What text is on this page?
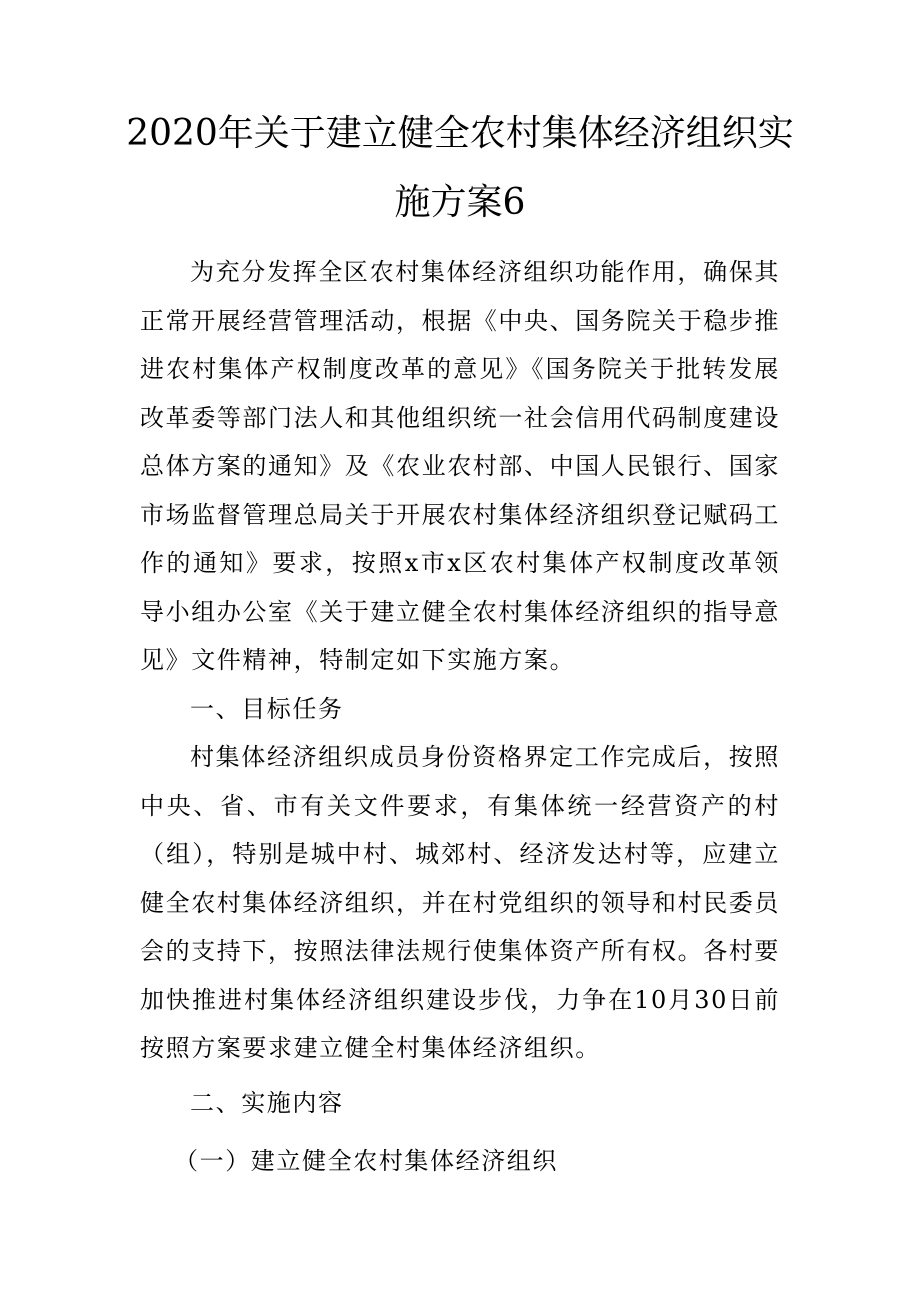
2020年关于建立健全农村集体经济组织实
施方案6

为充分发挥全区农村集体经济组织功能作用，确保其正常开展经营管理活动，根据《中央、国务院关于稳步推进农村集体产权制度改革的意见》《国务院关于批转发展改革委等部门法人和其他组织统一社会信用代码制度建设总体方案的通知》及《农业农村部、中国人民银行、国家市场监督管理总局关于开展农村集体经济组织登记赋码工作的通知》要求，按照x市x区农村集体产权制度改革领导小组办公室《关于建立健全农村集体经济组织的指导意见》文件精神，特制定如下实施方案。

一、目标任务

村集体经济组织成员身份资格界定工作完成后，按照中央、省、市有关文件要求，有集体统一经营资产的村（组），特别是城中村、城郊村、经济发达村等，应建立健全农村集体经济组织，并在村党组织的领导和村民委员会的支持下，按照法律法规行使集体资产所有权。各村要加快推进村集体经济组织建设步伐，力争在10月30日前按照方案要求建立健全村集体经济组织。

二、实施内容

（一）建立健全农村集体经济组织
